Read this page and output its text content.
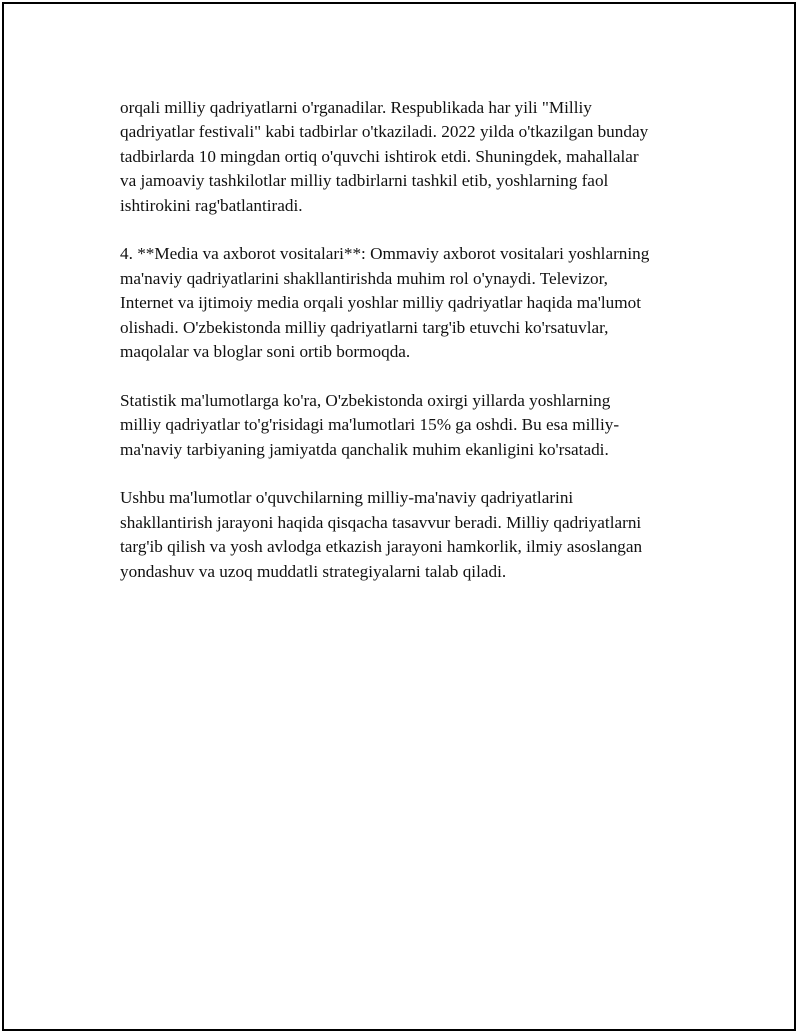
orqali milliy qadriyatlarni o'rganadilar. Respublikada har yili "Milliy
qadriyatlar festivali" kabi tadbirlar o'tkaziladi. 2022 yilda o'tkazilgan bunday
tadbirlarda 10 mingdan ortiq o'quvchi ishtirok etdi. Shuningdek, mahallalar
va jamoaviy tashkilotlar milliy tadbirlarni tashkil etib, yoshlarning faol
ishtirokini rag'batlantiradi.

4. **Media va axborot vositalari**: Ommaviy axborot vositalari yoshlarning
ma'naviy qadriyatlarini shakllantirishda muhim rol o'ynaydi. Televizor,
Internet va ijtimoiy media orqali yoshlar milliy qadriyatlar haqida ma'lumot
olishadi. O'zbekistonda milliy qadriyatlarni targ'ib etuvchi ko'rsatuvlar,
maqolalar va bloglar soni ortib bormoqda.

Statistik ma'lumotlarga ko'ra, O'zbekistonda oxirgi yillarda yoshlarning
milliy qadriyatlar to'g'risidagi ma'lumotlari 15% ga oshdi. Bu esa milliy-
ma'naviy tarbiyaning jamiyatda qanchalik muhim ekanligini ko'rsatadi.

Ushbu ma'lumotlar o'quvchilarning milliy-ma'naviy qadriyatlarini
shakllantirish jarayoni haqida qisqacha tasavvur beradi. Milliy qadriyatlarni
targ'ib qilish va yosh avlodga etkazish jarayoni hamkorlik, ilmiy asoslangan
yondashuv va uzoq muddatli strategiyalarni talab qiladi.
